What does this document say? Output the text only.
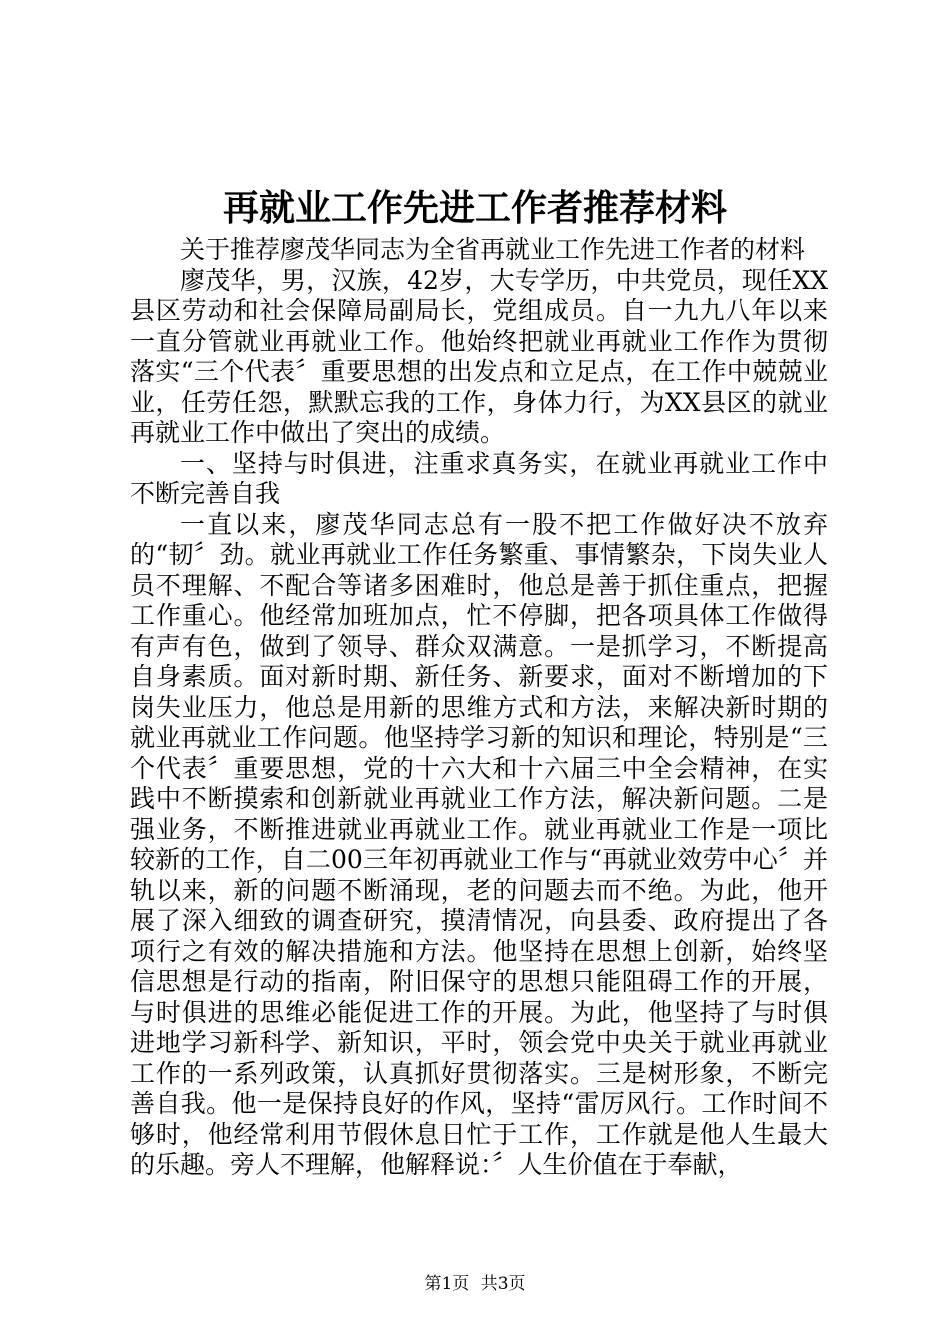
再就业工作先进工作者推荐材料

关于推荐廖茂华同志为全省再就业工作先进工作者的材料

廖茂华，男，汉族，42岁，大专学历，中共党员，现任XX县区劳动和社会保障局副局长，党组成员。自一九九八年以来一直分管就业再就业工作。他始终把就业再就业工作作为贯彻落实“三个代表〞重要思想的出发点和立足点，在工作中兢兢业业，任劳任怨，默默忘我的工作，身体力行，为XX县区的就业再就业工作中做出了突出的成绩。

一、坚持与时俱进，注重求真务实，在就业再就业工作中不断完善自我

一直以来，廖茂华同志总有一股不把工作做好决不放弃的“韧〞劲。就业再就业工作任务繁重、事情繁杂，下岗失业人员不理解、不配合等诸多困难时，他总是善于抓住重点，把握工作重心。他经常加班加点，忙不停脚，把各项具体工作做得有声有色，做到了领导、群众双满意。一是抓学习，不断提高自身素质。面对新时期、新任务、新要求，面对不断增加的下岗失业压力，他总是用新的思维方式和方法，来解决新时期的就业再就业工作问题。他坚持学习新的知识和理论，特别是“三个代表〞重要思想，党的十六大和十六届三中全会精神，在实践中不断摸索和创新就业再就业工作方法，解决新问题。二是强业务，不断推进就业再就业工作。就业再就业工作是一项比较新的工作，自二00三年初再就业工作与“再就业效劳中心〞并轨以来，新的问题不断涌现，老的问题去而不绝。为此，他开展了深入细致的调查研究，摸清情况，向县委、政府提出了各项行之有效的解决措施和方法。他坚持在思想上创新，始终坚信思想是行动的指南，附旧保守的思想只能阻碍工作的开展，与时俱进的思维必能促进工作的开展。为此，他坚持了与时俱进地学习新科学、新知识，平时，领会党中央关于就业再就业工作的一系列政策，认真抓好贯彻落实。三是树形象，不断完善自我。他一是保持良好的作风，坚持“雷厉风行。工作时间不够时，他经常利用节假休息日忙于工作，工作就是他人生最大的乐趣。旁人不理解，他解释说：〞人生价值在于奉献，

第1页 共3页
